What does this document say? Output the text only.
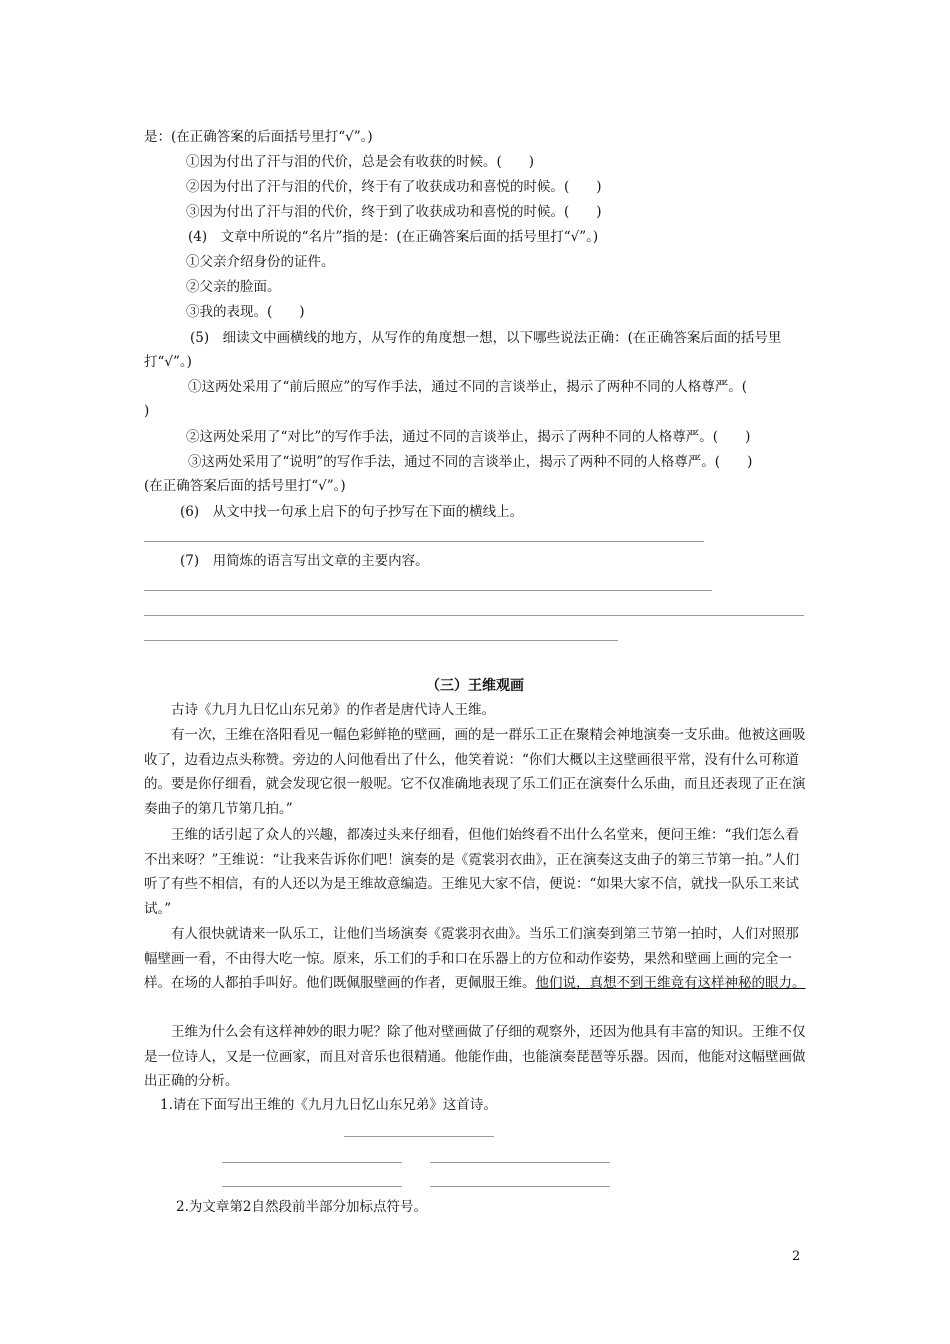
是：(在正确答案的后面括号里打“√”。)
①因为付出了汗与泪的代价，总是会有收获的时候。(　　)
②因为付出了汗与泪的代价，终于有了收获成功和喜悦的时候。(　　)
③因为付出了汗与泪的代价，终于到了收获成功和喜悦的时候。(　　)
(4)　文章中所说的“名片”指的是：(在正确答案后面的括号里打“√”。)
①父亲介绍身份的证件。
②父亲的脸面。
③我的表现。(　　)
(5)　细读文中画横线的地方，从写作的角度想一想，以下哪些说法正确：(在正确答案后面的括号里
打“√”。)
①这两处采用了“前后照应”的写作手法，通过不同的言谈举止，揭示了两种不同的人格尊严。(
)
②这两处采用了“对比”的写作手法，通过不同的言谈举止，揭示了两种不同的人格尊严。(　　)
③这两处采用了“说明”的写作手法，通过不同的言谈举止，揭示了两种不同的人格尊严。(　　)
(在正确答案后面的括号里打“√”。)
(6)　从文中找一句承上启下的句子抄写在下面的横线上。
(7)　用简炼的语言写出文章的主要内容。
（三）王维观画
古诗《九月九日忆山东兄弟》的作者是唐代诗人王维。
有一次，王维在洛阳看见一幅色彩鲜艳的壁画，画的是一群乐工正在聚精会神地演奏一支乐曲。他被这画吸收了，边看边点头称赞。旁边的人问他看出了什么，他笑着说：“你们大概以主这壁画很平常，没有什么可称道的。要是你仔细看，就会发现它很一般呢。它不仅准确地表现了乐工们正在演奏什么乐曲，而且还表现了正在演奏曲子的第几节第几拍。”
王维的话引起了众人的兴趣，都凑过头来仔细看，但他们始终看不出什么名堂来，便问王维：“我们怎么看不出来呀？”王维说：“让我来告诉你们吧！演奏的是《霓裳羽衣曲》，正在演奏这支曲子的第三节第一拍。”人们听了有些不相信，有的人还以为是王维故意编造。王维见大家不信，便说：“如果大家不信，就找一队乐工来试试。”
有人很快就请来一队乐工，让他们当场演奏《霓裳羽衣曲》。当乐工们演奏到第三节第一拍时，人们对照那幅壁画一看，不由得大吃一惊。原来，乐工们的手和口在乐器上的方位和动作姿势，果然和壁画上画的完全一样。在场的人都拍手叫好。他们既佩服壁画的作者，更佩服王维。他们说，真想不到王维竟有这样神秘的眼力。
王维为什么会有这样神妙的眼力呢？除了他对壁画做了仔细的观察外，还因为他具有丰富的知识。王维不仅是一位诗人，又是一位画家，而且对音乐也很精通。他能作曲，也能演奏琵琶等乐器。因而，他能对这幅壁画做出正确的分析。
1.请在下面写出王维的《九月九日忆山东兄弟》这首诗。
2.为文章第2自然段前半部分加标点符号。
2
